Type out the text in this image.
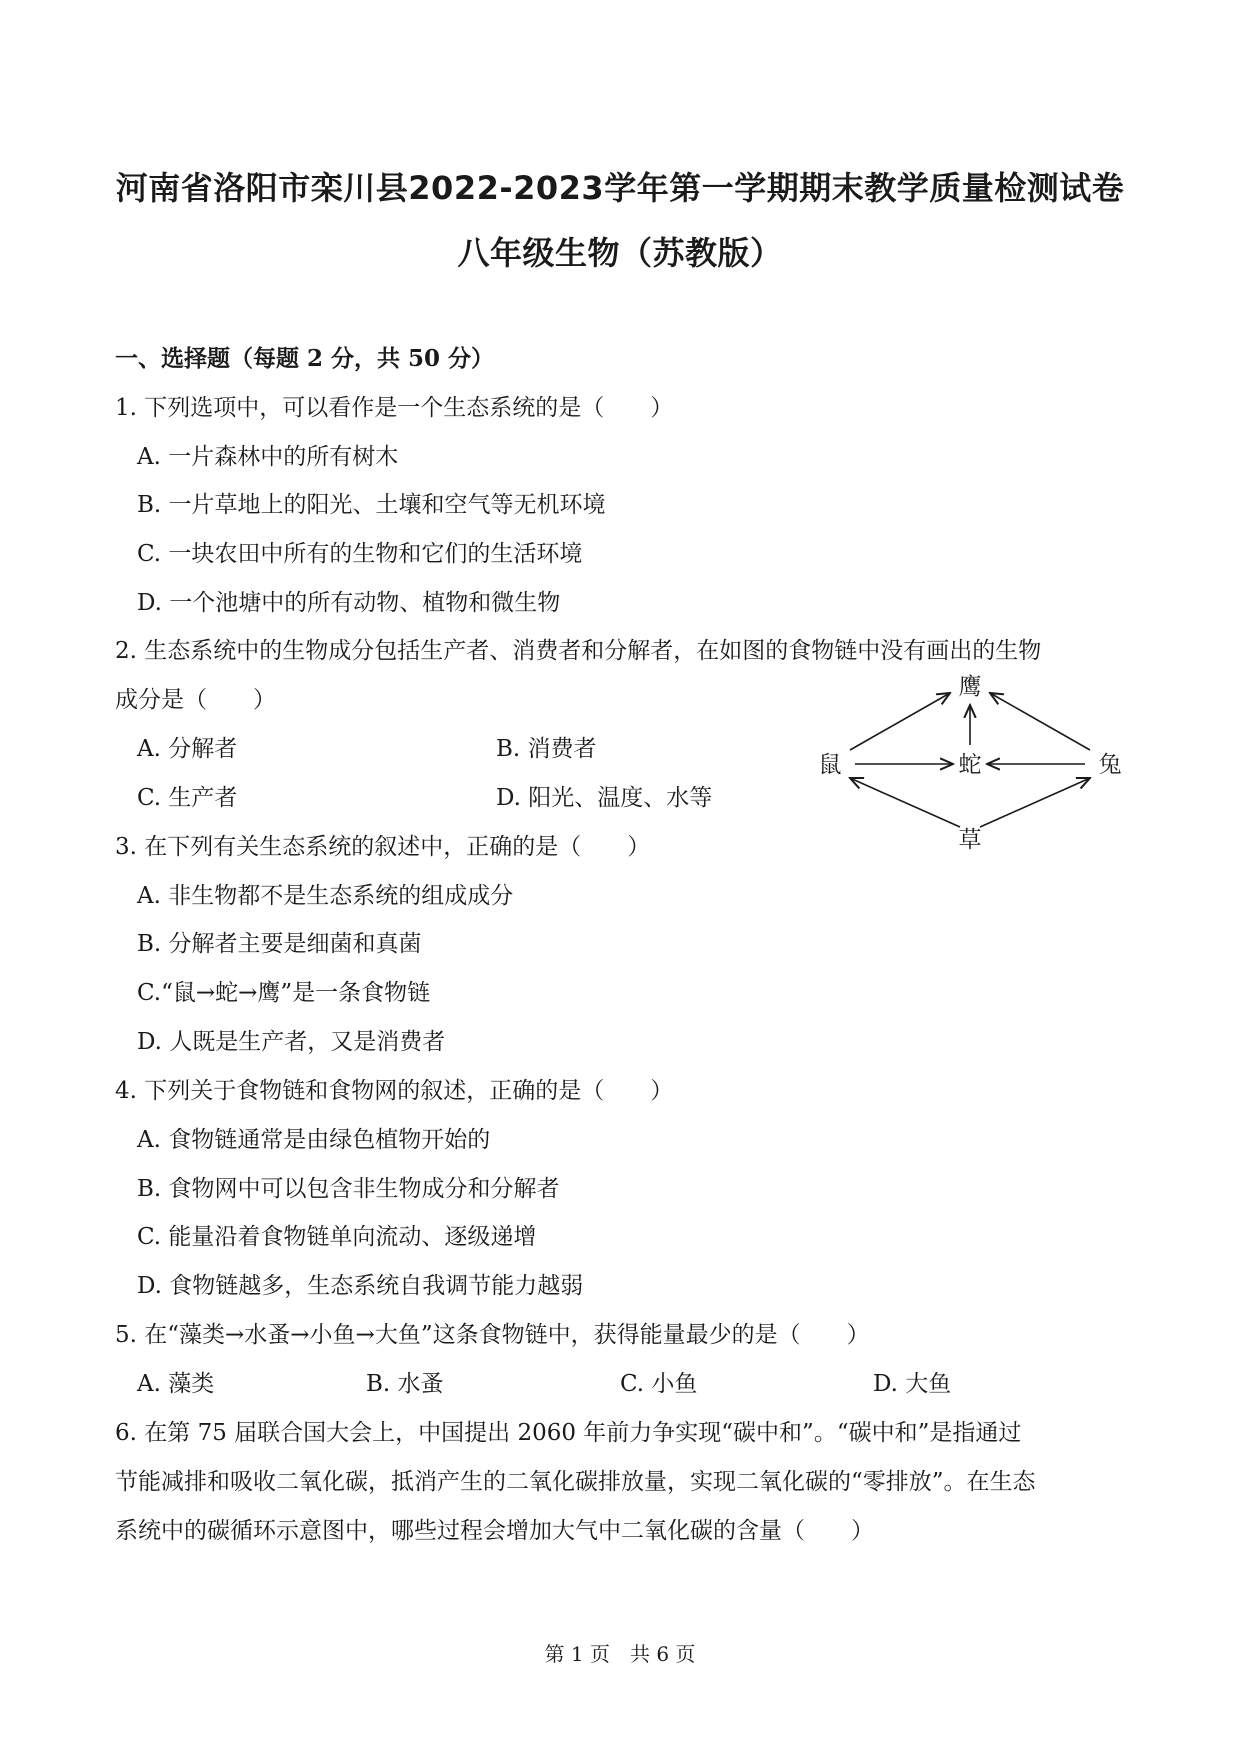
河南省洛阳市栾川县2022-2023学年第一学期期末教学质量检测试卷
八年级生物（苏教版）
一、选择题（每题 2 分，共 50 分）
1. 下列选项中，可以看作是一个生态系统的是（　　）
A. 一片森林中的所有树木
B. 一片草地上的阳光、土壤和空气等无机环境
C. 一块农田中所有的生物和它们的生活环境
D. 一个池塘中的所有动物、植物和微生物
2. 生态系统中的生物成分包括生产者、消费者和分解者，在如图的食物链中没有画出的生物
成分是（　　）
A. 分解者	B. 消费者
C. 生产者	D. 阳光、温度、水等
鹰
鼠	蛇	兔
草
3. 在下列有关生态系统的叙述中，正确的是（　　）
A. 非生物都不是生态系统的组成成分
B. 分解者主要是细菌和真菌
C.“鼠→蛇→鹰”是一条食物链
D. 人既是生产者，又是消费者
4. 下列关于食物链和食物网的叙述，正确的是（　　）
A. 食物链通常是由绿色植物开始的
B. 食物网中可以包含非生物成分和分解者
C. 能量沿着食物链单向流动、逐级递增
D. 食物链越多，生态系统自我调节能力越弱
5. 在“藻类→水蚤→小鱼→大鱼”这条食物链中，获得能量最少的是（　　）
A. 藻类	B. 水蚤	C. 小鱼	D. 大鱼
6. 在第 75 届联合国大会上，中国提出 2060 年前力争实现“碳中和”。“碳中和”是指通过
节能减排和吸收二氧化碳，抵消产生的二氧化碳排放量，实现二氧化碳的“零排放”。在生态
系统中的碳循环示意图中，哪些过程会增加大气中二氧化碳的含量（　　）
第 1 页　共 6 页
